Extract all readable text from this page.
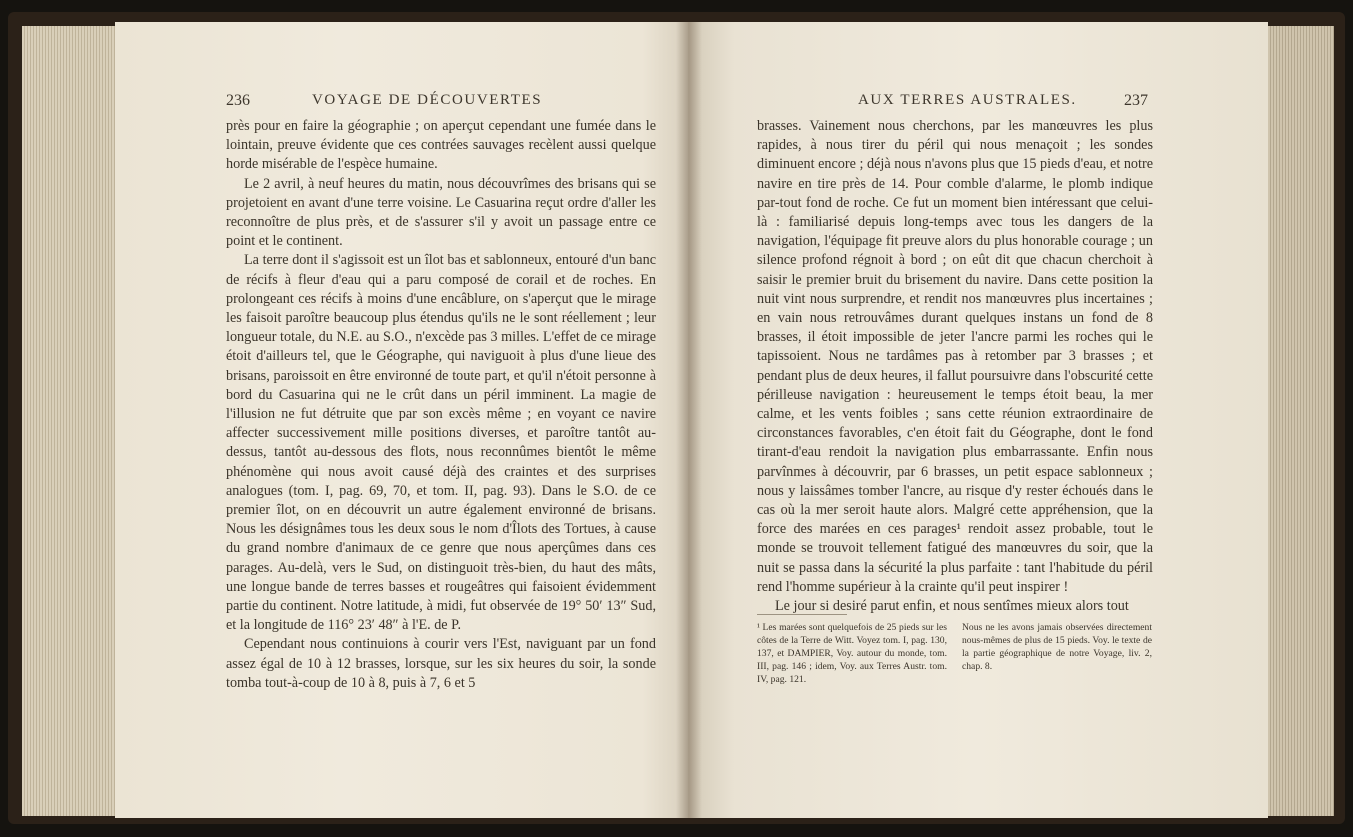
236	VOYAGE DE DÉCOUVERTES

près pour en faire la géographie ; on aperçut cependant une fumée dans le lointain, preuve évidente que ces contrées sauvages recèlent aussi quelque horde misérable de l'espèce humaine.

Le 2 avril, à neuf heures du matin, nous découvrîmes des brisans qui se projetoient en avant d'une terre voisine. Le Casuarina reçut ordre d'aller les reconnoître de plus près, et de s'assurer s'il y avoit un passage entre ce point et le continent.

La terre dont il s'agissoit est un îlot bas et sablonneux, entouré d'un banc de récifs à fleur d'eau qui a paru composé de corail et de roches. En prolongeant ces récifs à moins d'une encâblure, on s'aperçut que le mirage les faisoit paroître beaucoup plus étendus qu'ils ne le sont réellement ; leur longueur totale, du N.E. au S.O., n'excède pas 3 milles. L'effet de ce mirage étoit d'ailleurs tel, que le Géographe, qui naviguoit à plus d'une lieue des brisans, paroissoit en être environné de toute part, et qu'il n'étoit personne à bord du Casuarina qui ne le crût dans un péril imminent. La magie de l'illusion ne fut détruite que par son excès même ; en voyant ce navire affecter successivement mille positions diverses, et paroître tantôt au-dessus, tantôt au-dessous des flots, nous reconnûmes bientôt le même phénomène qui nous avoit causé déjà des craintes et des surprises analogues (tom. I, pag. 69, 70, et tom. II, pag. 93). Dans le S.O. de ce premier îlot, on en découvrit un autre également environné de brisans. Nous les désignâmes tous les deux sous le nom d'Îlots des Tortues, à cause du grand nombre d'animaux de ce genre que nous aperçûmes dans ces parages. Au-delà, vers le Sud, on distinguoit très-bien, du haut des mâts, une longue bande de terres basses et rougeâtres qui faisoient évidemment partie du continent. Notre latitude, à midi, fut observée de 19° 50′ 13″ Sud, et la longitude de 116° 23′ 48″ à l'E. de P.

Cependant nous continuions à courir vers l'Est, naviguant par un fond assez égal de 10 à 12 brasses, lorsque, sur les six heures du soir, la sonde tomba tout-à-coup de 10 à 8, puis à 7, 6 et 5

AUX TERRES AUSTRALES.	237

brasses. Vainement nous cherchons, par les manœuvres les plus rapides, à nous tirer du péril qui nous menaçoit ; les sondes diminuent encore ; déjà nous n'avons plus que 15 pieds d'eau, et notre navire en tire près de 14. Pour comble d'alarme, le plomb indique par-tout fond de roche. Ce fut un moment bien intéressant que celui-là : familiarisé depuis long-temps avec tous les dangers de la navigation, l'équipage fit preuve alors du plus honorable courage ; un silence profond régnoit à bord ; on eût dit que chacun cherchoit à saisir le premier bruit du brisement du navire. Dans cette position la nuit vint nous surprendre, et rendit nos manœuvres plus incertaines ; en vain nous retrouvâmes durant quelques instans un fond de 8 brasses, il étoit impossible de jeter l'ancre parmi les roches qui le tapissoient. Nous ne tardâmes pas à retomber par 3 brasses ; et pendant plus de deux heures, il fallut poursuivre dans l'obscurité cette périlleuse navigation : heureusement le temps étoit beau, la mer calme, et les vents foibles ; sans cette réunion extraordinaire de circonstances favorables, c'en étoit fait du Géographe, dont le fond tirant-d'eau rendoit la navigation plus embarrassante. Enfin nous parvînmes à découvrir, par 6 brasses, un petit espace sablonneux ; nous y laissâmes tomber l'ancre, au risque d'y rester échoués dans le cas où la mer seroit haute alors. Malgré cette appréhension, que la force des marées en ces parages¹ rendoit assez probable, tout le monde se trouvoit tellement fatigué des manœuvres du soir, que la nuit se passa dans la sécurité la plus parfaite : tant l'habitude du péril rend l'homme supérieur à la crainte qu'il peut inspirer !

Le jour si desiré parut enfin, et nous sentîmes mieux alors tout

¹ Les marées sont quelquefois de 25 pieds sur les côtes de la Terre de Witt. Voyez tom. I, pag. 130, 137, et DAMPIER, Voy. autour du monde, tom. III, pag. 146 ; idem, Voy. aux Terres Austr. tom. IV, pag. 121.
Nous ne les avons jamais observées directement nous-mêmes de plus de 15 pieds. Voy. le texte de la partie géographique de notre Voyage, liv. 2, chap. 8.
